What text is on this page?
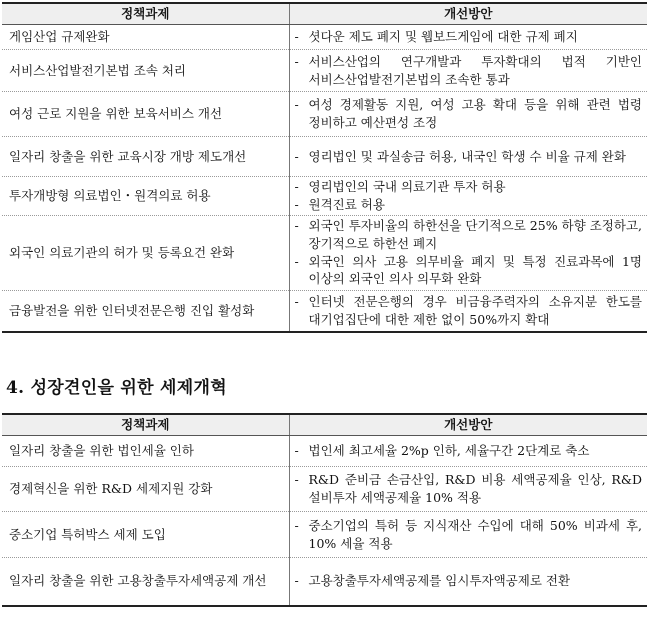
정책과제	개선방안
게임산업 규제완화	- 셧다운 제도 폐지 및 웹보드게임에 대한 규제 폐지

서비스산업발전기본법 조속 처리	- 서비스산업의 연구개발과 투자확대의 법적 기반인 서비스산업발전기본법의 조속한 통과

여성 근로 지원을 위한 보육서비스 개선	- 여성 경제활동 지원, 여성 고용 확대 등을 위해 관련 법령 정비하고 예산편성 조정

일자리 창출을 위한 교육시장 개방 제도개선	- 영리법인 및 과실송금 허용, 내국인 학생 수 비율 규제 완화

투자개방형 의료법인・원격의료 허용	- 영리법인의 국내 의료기관 투자 허용
- 원격진료 허용

외국인 의료기관의 허가 및 등록요건 완화	- 외국인 투자비율의 하한선을 단기적으로 25% 하향 조정하고, 장기적으로 하한선 폐지
- 외국인 의사 고용 의무비율 폐지 및 특정 진료과목에 1명 이상의 외국인 의사 의무화 완화

금융발전을 위한 인터넷전문은행 진입 활성화	- 인터넷 전문은행의 경우 비금융주력자의 소유지분 한도를 대기업집단에 대한 제한 없이 50%까지 확대
4. 성장견인을 위한 세제개혁
정책과제	개선방안
일자리 창출을 위한 법인세율 인하	- 법인세 최고세율 2%p 인하, 세율구간 2단계로 축소

경제혁신을 위한 R&D 세제지원 강화	- R&D 준비금 손금산입, R&D 비용 세액공제율 인상, R&D 설비투자 세액공제율 10% 적용

중소기업 특허박스 세제 도입	- 중소기업의 특허 등 지식재산 수입에 대해 50% 비과세 후, 10% 세율 적용

일자리 창출을 위한 고용창출투자세액공제 개선	- 고용창출투자세액공제를 임시투자액공제로 전환
